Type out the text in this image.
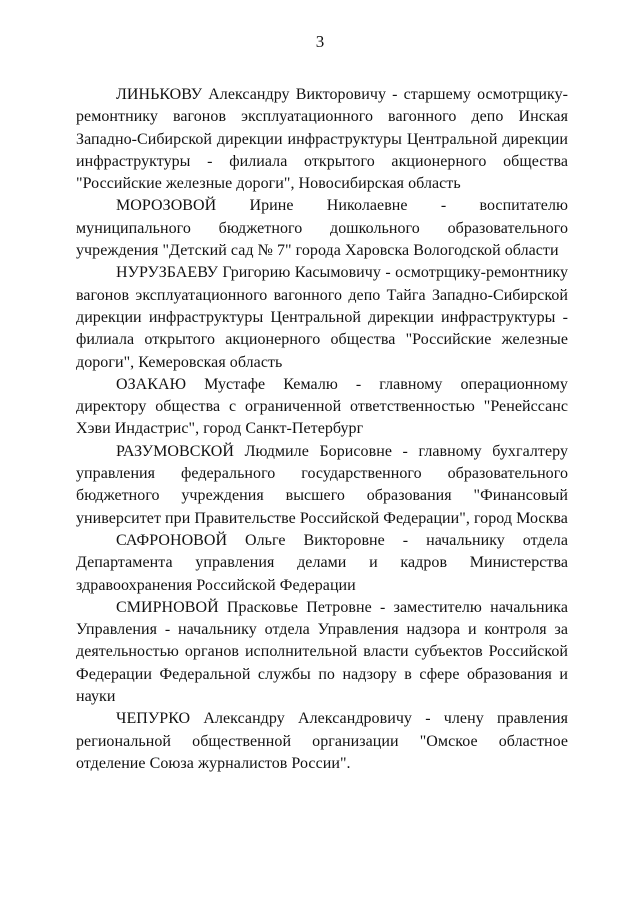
3

ЛИНЬКОВУ Александру Викторовичу - старшему осмотрщику-ремонтнику вагонов эксплуатационного вагонного депо Инская Западно-Сибирской дирекции инфраструктуры Центральной дирекции инфраструктуры - филиала открытого акционерного общества "Российские железные дороги", Новосибирская область

МОРОЗОВОЙ Ирине Николаевне - воспитателю муниципального бюджетного дошкольного образовательного учреждения "Детский сад № 7" города Харовска Вологодской области

НУРУЗБАЕВУ Григорию Касымовичу - осмотрщику-ремонтнику вагонов эксплуатационного вагонного депо Тайга Западно-Сибирской дирекции инфраструктуры Центральной дирекции инфраструктуры - филиала открытого акционерного общества "Российские железные дороги", Кемеровская область

ОЗАКАЮ Мустафе Кемалю - главному операционному директору общества с ограниченной ответственностью "Ренейссанс Хэви Индастрис", город Санкт-Петербург

РАЗУМОВСКОЙ Людмиле Борисовне - главному бухгалтеру управления федерального государственного образовательного бюджетного учреждения высшего образования "Финансовый университет при Правительстве Российской Федерации", город Москва

САФРОНОВОЙ Ольге Викторовне - начальнику отдела Департамента управления делами и кадров Министерства здравоохранения Российской Федерации

СМИРНОВОЙ Прасковье Петровне - заместителю начальника Управления - начальнику отдела Управления надзора и контроля за деятельностью органов исполнительной власти субъектов Российской Федерации Федеральной службы по надзору в сфере образования и науки

ЧЕПУРКО Александру Александровичу - члену правления региональной общественной организации "Омское областное отделение Союза журналистов России".
